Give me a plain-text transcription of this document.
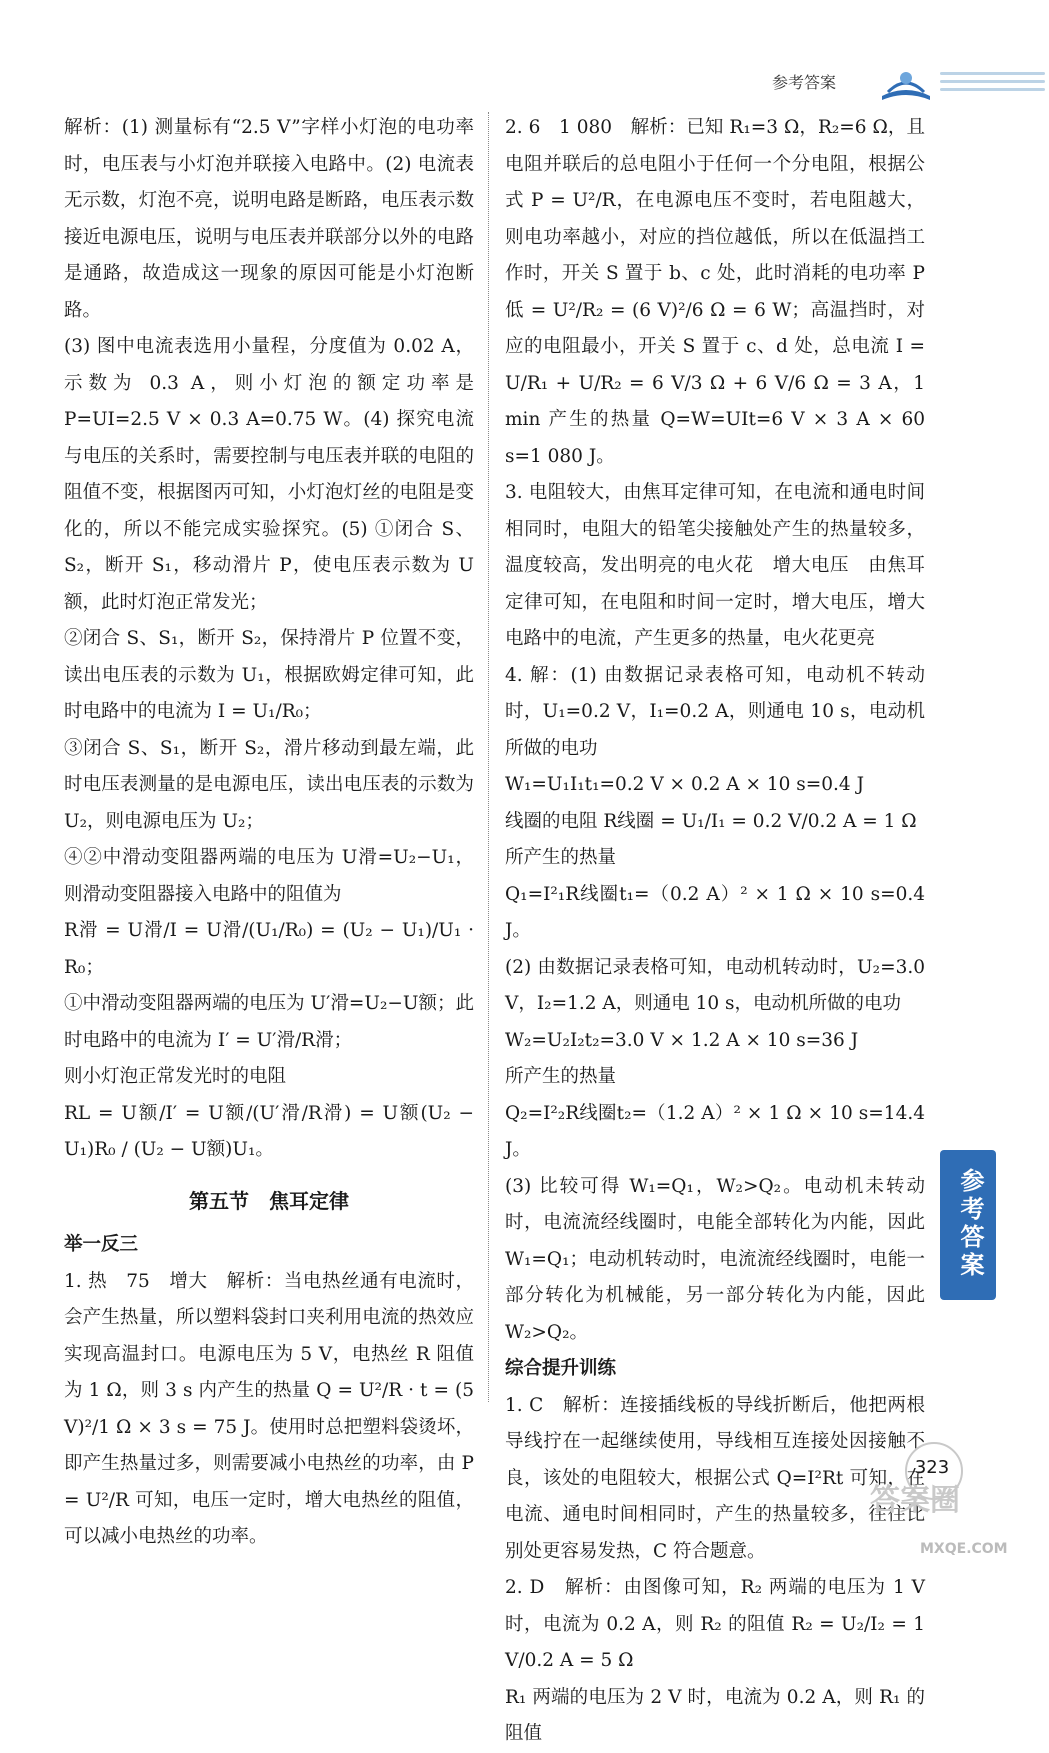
参考答案

解析：(1) 测量标有“2.5 V”字样小灯泡的电功率时，电压表与小灯泡并联接入电路中。(2) 电流表无示数，灯泡不亮，说明电路是断路，电压表示数接近电源电压，说明与电压表并联部分以外的电路是通路，故造成这一现象的原因可能是小灯泡断路。

(3) 图中电流表选用小量程，分度值为 0.02 A，示数为 0.3 A，则小灯泡的额定功率是 P=UI=2.5 V × 0.3 A=0.75 W。(4) 探究电流与电压的关系时，需要控制与电压表并联的电阻的阻值不变，根据图丙可知，小灯泡灯丝的电阻是变化的，所以不能完成实验探究。(5) ①闭合 S、S₂，断开 S₁，移动滑片 P，使电压表示数为 U额，此时灯泡正常发光；

②闭合 S、S₁，断开 S₂，保持滑片 P 位置不变，读出电压表的示数为 U₁，根据欧姆定律可知，此时电路中的电流为 I = U₁/R₀；

③闭合 S、S₁，断开 S₂，滑片移动到最左端，此时电压表测量的是电源电压，读出电压表的示数为 U₂，则电源电压为 U₂；

④②中滑动变阻器两端的电压为 U滑=U₂−U₁，则滑动变阻器接入电路中的阻值为

R滑 = U滑/I = U滑/(U₁/R₀) = (U₂ − U₁)/U₁ · R₀；

①中滑动变阻器两端的电压为 U′滑=U₂−U额；此时电路中的电流为 I′ = U′滑/R滑；

则小灯泡正常发光时的电阻

RL = U额/I′ = U额/(U′滑/R滑) = U额(U₂ − U₁)R₀ / (U₂ − U额)U₁。

第五节　焦耳定律

举一反三

1. 热　75　增大　解析：当电热丝通有电流时，会产生热量，所以塑料袋封口夹利用电流的热效应实现高温封口。电源电压为 5 V，电热丝 R 阻值为 1 Ω，则 3 s 内产生的热量 Q = U²/R · t = (5 V)²/1 Ω × 3 s = 75 J。使用时总把塑料袋烫坏，即产生热量过多，则需要减小电热丝的功率，由 P = U²/R 可知，电压一定时，增大电热丝的阻值，可以减小电热丝的功率。

2. 6　1 080　解析：已知 R₁=3 Ω，R₂=6 Ω，且电阻并联后的总电阻小于任何一个分电阻，根据公式 P = U²/R，在电源电压不变时，若电阻越大，则电功率越小，对应的挡位越低，所以在低温挡工作时，开关 S 置于 b、c 处，此时消耗的电功率 P低 = U²/R₂ = (6 V)²/6 Ω = 6 W；高温挡时，对应的电阻最小，开关 S 置于 c、d 处，总电流 I = U/R₁ + U/R₂ = 6 V/3 Ω + 6 V/6 Ω = 3 A，1 min 产生的热量 Q=W=UIt=6 V × 3 A × 60 s=1 080 J。

3. 电阻较大，由焦耳定律可知，在电流和通电时间相同时，电阻大的铅笔尖接触处产生的热量较多，温度较高，发出明亮的电火花　增大电压　由焦耳定律可知，在电阻和时间一定时，增大电压，增大电路中的电流，产生更多的热量，电火花更亮

4. 解：(1) 由数据记录表格可知，电动机不转动时，U₁=0.2 V，I₁=0.2 A，则通电 10 s，电动机所做的电功

W₁=U₁I₁t₁=0.2 V × 0.2 A × 10 s=0.4 J

线圈的电阻 R线圈 = U₁/I₁ = 0.2 V/0.2 A = 1 Ω

所产生的热量

Q₁=I²₁R线圈t₁=（0.2 A）² × 1 Ω × 10 s=0.4 J。

(2) 由数据记录表格可知，电动机转动时，U₂=3.0 V，I₂=1.2 A，则通电 10 s，电动机所做的电功

W₂=U₂I₂t₂=3.0 V × 1.2 A × 10 s=36 J

所产生的热量

Q₂=I²₂R线圈t₂=（1.2 A）² × 1 Ω × 10 s=14.4 J。

(3) 比较可得 W₁=Q₁，W₂>Q₂。电动机未转动时，电流流经线圈时，电能全部转化为内能，因此 W₁=Q₁；电动机转动时，电流流经线圈时，电能一部分转化为机械能，另一部分转化为内能，因此 W₂>Q₂。

综合提升训练

1. C　解析：连接插线板的导线折断后，他把两根导线拧在一起继续使用，导线相互连接处因接触不良，该处的电阻较大，根据公式 Q=I²Rt 可知，在电流、通电时间相同时，产生的热量较多，往往比别处更容易发热，C 符合题意。

2. D　解析：由图像可知，R₂ 两端的电压为 1 V 时，电流为 0.2 A，则 R₂ 的阻值 R₂ = U₂/I₂ = 1 V/0.2 A = 5 Ω

R₁ 两端的电压为 2 V 时，电流为 0.2 A，则 R₁ 的阻值

参考答案
323
答案圈
MXQE.COM
